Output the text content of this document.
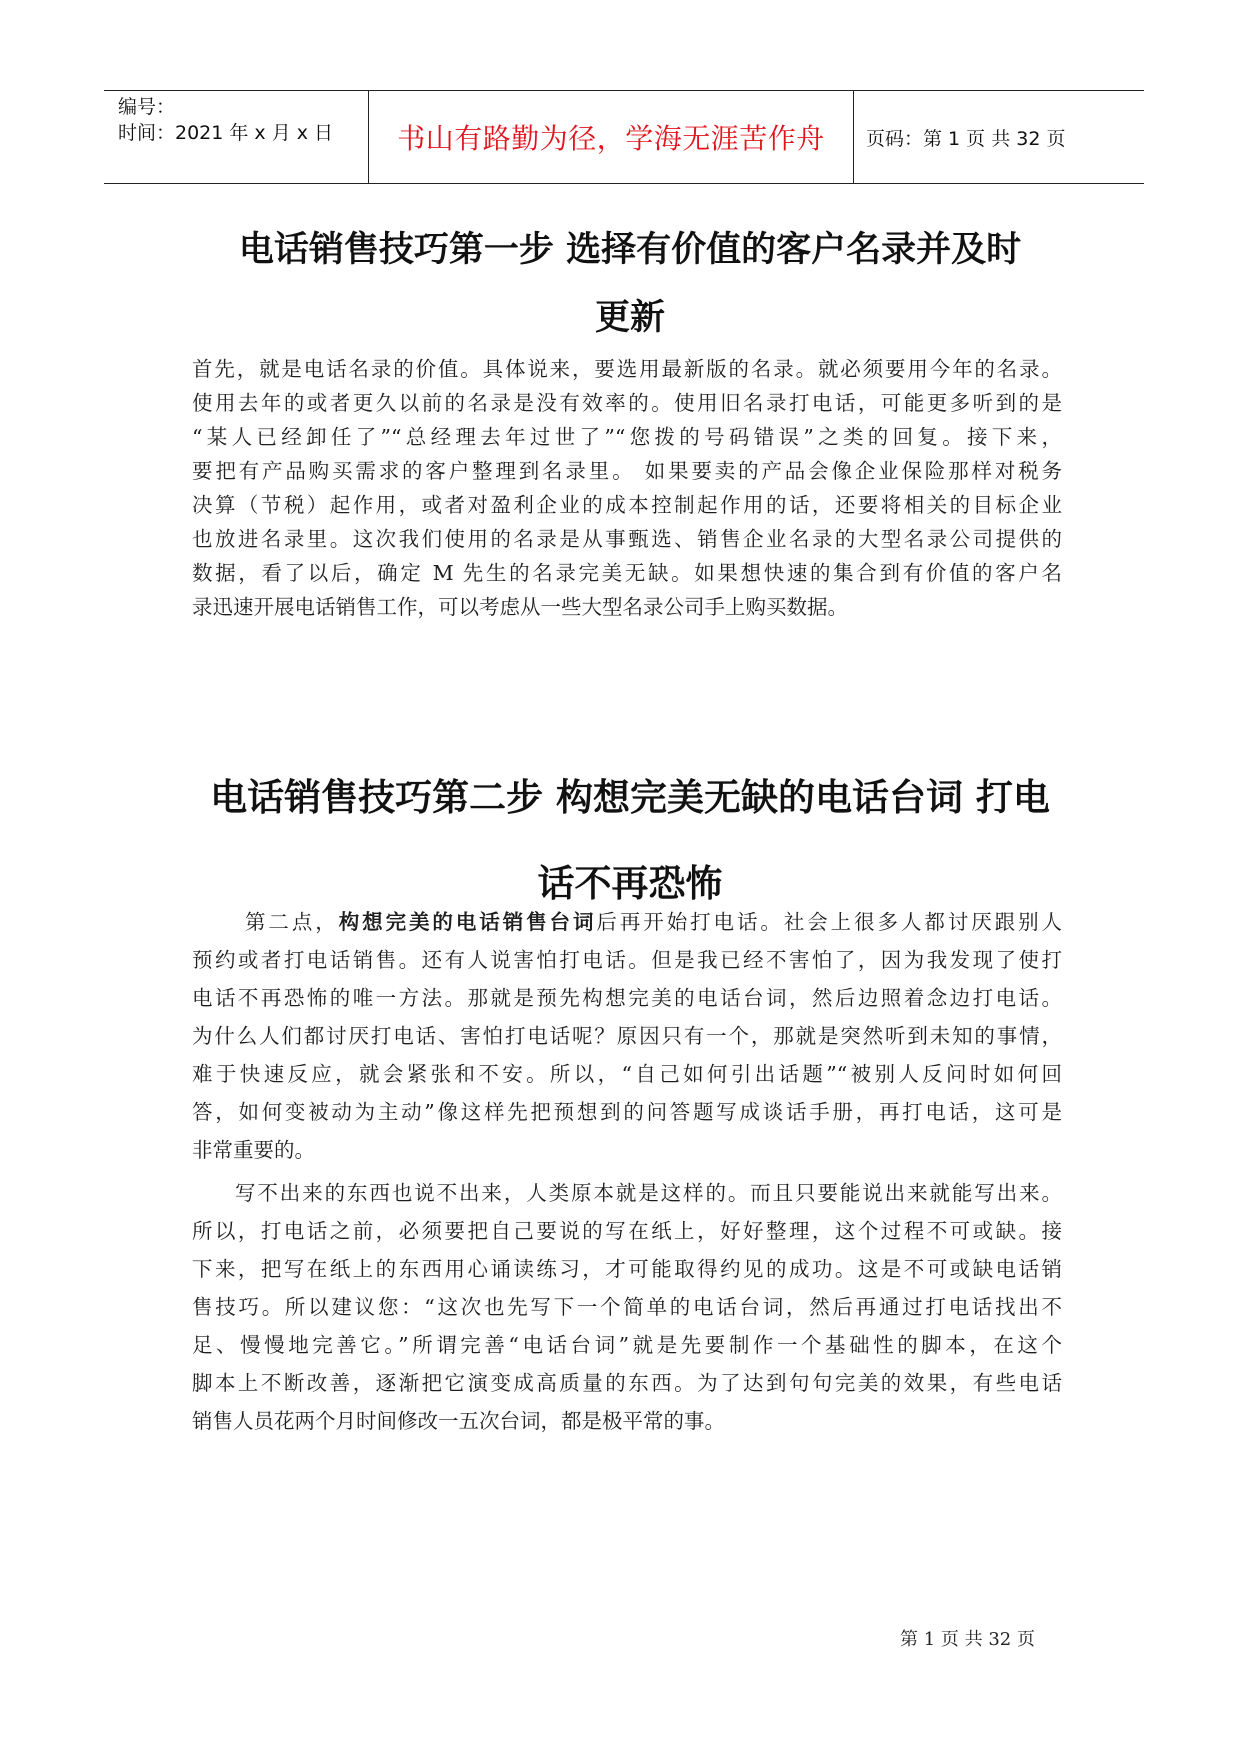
编号：
时间：2021 年 x 月 x 日 书山有路勤为径，学海无涯苦作舟	页码：第 1 页 共 32 页
电话销售技巧第一步 选择有价值的客户名录并及时
更新
首先，就是电话名录的价值。具体说来，要选用最新版的名录。就必须要用今年的名录。
使用去年的或者更久以前的名录是没有效率的。使用旧名录打电话，可能更多听到的是
“某人已经卸任了”“总经理去年过世了”“您拨的号码错误”之类的回复。接下来，
要把有产品购买需求的客户整理到名录里。 如果要卖的产品会像企业保险那样对税务
决算（节税）起作用，或者对盈利企业的成本控制起作用的话，还要将相关的目标企业
也放进名录里。这次我们使用的名录是从事甄选、销售企业名录的大型名录公司提供的
数据，看了以后，确定 M 先生的名录完美无缺。如果想快速的集合到有价值的客户名
录迅速开展电话销售工作，可以考虑从一些大型名录公司手上购买数据。
电话销售技巧第二步 构想完美无缺的电话台词 打电
话不再恐怖
第二点，构想完美的电话销售台词后再开始打电话。社会上很多人都讨厌跟别人
预约或者打电话销售。还有人说害怕打电话。但是我已经不害怕了，因为我发现了使打
电话不再恐怖的唯一方法。那就是预先构想完美的电话台词，然后边照着念边打电话。
为什么人们都讨厌打电话、害怕打电话呢？原因只有一个，那就是突然听到未知的事情，
难于快速反应，就会紧张和不安。所以，“自己如何引出话题”“被别人反问时如何回
答，如何变被动为主动”像这样先把预想到的问答题写成谈话手册，再打电话，这可是
非常重要的。
写不出来的东西也说不出来，人类原本就是这样的。而且只要能说出来就能写出来。
所以，打电话之前，必须要把自己要说的写在纸上，好好整理，这个过程不可或缺。接
下来，把写在纸上的东西用心诵读练习，才可能取得约见的成功。这是不可或缺电话销
售技巧。所以建议您：“这次也先写下一个简单的电话台词，然后再通过打电话找出不
足、慢慢地完善它。”所谓完善“电话台词”就是先要制作一个基础性的脚本，在这个
脚本上不断改善，逐渐把它演变成高质量的东西。为了达到句句完美的效果，有些电话
销售人员花两个月时间修改一五次台词，都是极平常的事。
第 1 页 共 32 页
